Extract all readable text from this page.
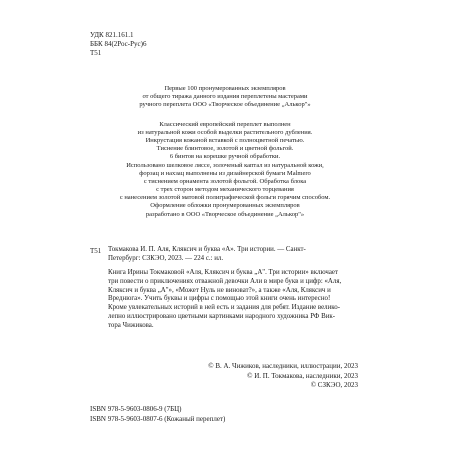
УДК 821.161.1
ББК 84(2Рос-Рус)6
Т51
Первые 100 пронумерованных экземпляров
от общего тиража данного издания переплетены мастерами
ручного переплета ООО «Творческое объединение „Алькор"»
Классический европейский переплет выполнен
из натуральной кожи особой выделки растительного дубления.
Инкрустация кожаной вставкой с полноцветной печатью.
Тиснение блинтовое, золотой и цветной фольгой.
6 бинтов на корешке ручной обработки.
Использовано шелковое ляссе, золоченый каптал из натуральной кожи,
форзац и нахзац выполнены из дизайнерской бумаги Malmero
с тиснением орнамента золотой фольгой. Обработка блока
с трех сторон методом механического торцевания
с нанесением золотой матовой полиграфической фольги горячим способом.
Оформление обложки пронумерованных экземпляров
разработано в ООО «Творческое объединение „Алькор"»
Т51 Токмакова И. П. Аля, Кляксич и буква «А». Три истории. — Санкт-
Петербург: СЗКЭО, 2023. — 224 с.: ил.
Книга Ирины Токмаковой «Аля, Кляксич и буква „А". Три истории» включает
три повести о приключениях отважной девочки Али в мире букв и цифр: «Аля,
Кляксич и буква „А"», «Может Нуль не виноват?», а также «Аля, Кляксич и
Вреднюга». Учить буквы и цифры с помощью этой книги очень интересно!
Кроме увлекательных историй в ней есть и задания для ребят. Издание велико-
лепно иллюстрировано цветными картинками народного художника РФ Вик-
тора Чижикова.
© В. А. Чижиков, наследники, иллюстрации, 2023
© И. П. Токмакова, наследники, 2023
© СЗКЭО, 2023
ISBN 978-5-9603-0806-9 (7БЦ)
ISBN 978-5-9603-0807-6 (Кожаный переплет)
